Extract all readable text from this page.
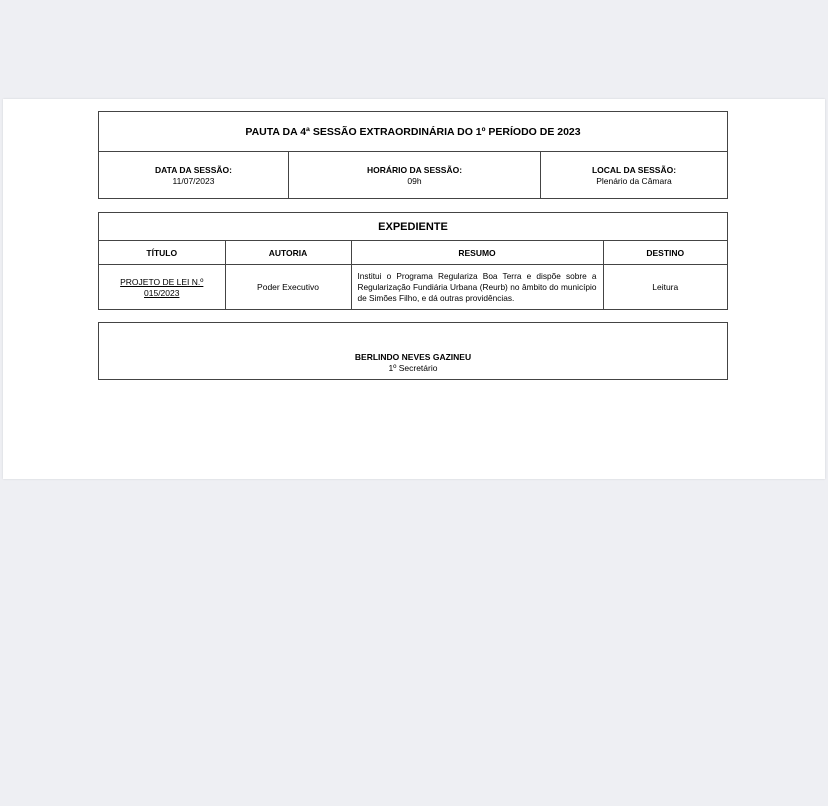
PAUTA DA 4ª SESSÃO EXTRAORDINÁRIA DO 1º PERÍODO DE 2023
DATA DA SESSÃO:
11/07/2023
HORÁRIO DA SESSÃO:
09h
LOCAL DA SESSÃO:
Plenário da Câmara
EXPEDIENTE
TÍTULO	AUTORIA	RESUMO	DESTINO
PROJETO DE LEI N.º 015/2023	Poder Executivo	Institui o Programa Regulariza Boa Terra e dispõe sobre a Regularização Fundiária Urbana (Reurb) no âmbito do município de Simões Filho, e dá outras providências.	Leitura
BERLINDO NEVES GAZINEU
1º Secretário
